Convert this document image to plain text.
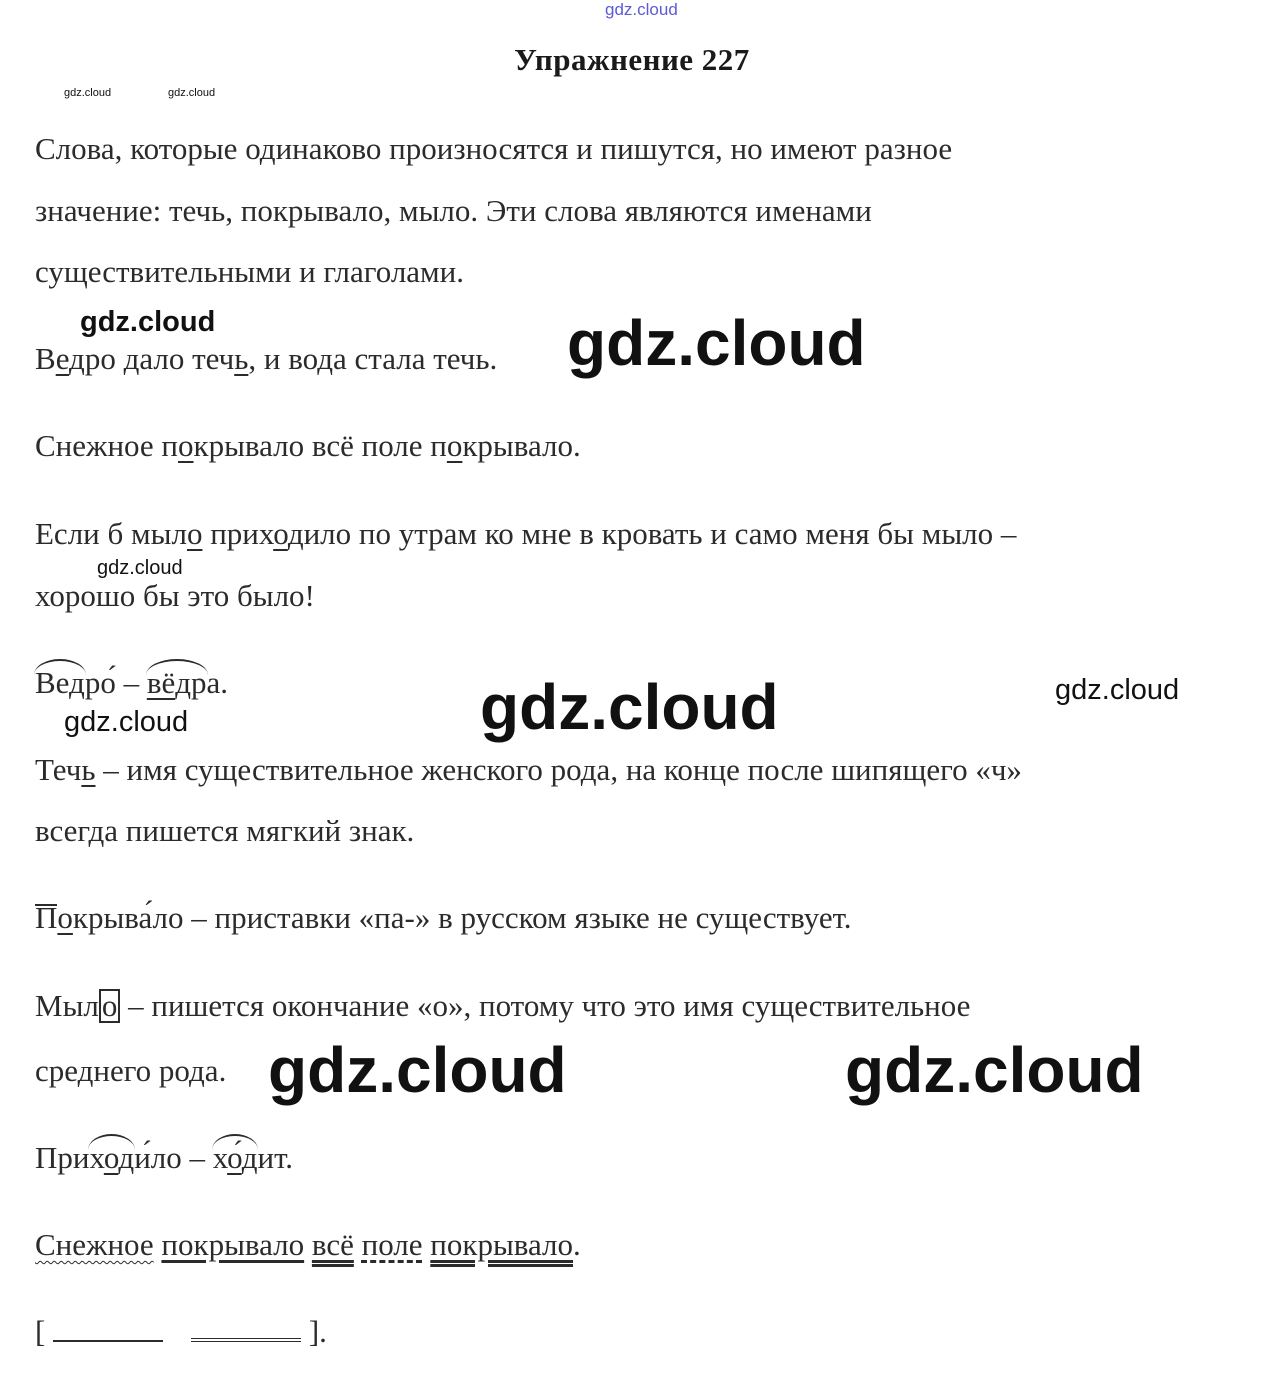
gdz.cloud
gdz.cloud	gdz.cloud
Упражнение 227
Слова, которые одинаково произносятся и пишутся, но имеют разное
значение: течь, покрывало, мыло. Эти слова являются именами
существительными и глаголами.
gdz.cloud
Ведро дало течь, и вода стала течь. gdz.cloud
Снежное покрывало всё поле покрывало.
Если б мыло приходило по утрам ко мне в кровать и само меня бы мыло –
gdz.cloud
хорошо бы это было!
Ведро́ – вёдра.	gdz.cloud	gdz.cloud
gdz.cloud
Течь – имя существительное женского рода, на конце после шипящего «ч»
всегда пишется мягкий знак.
Покрыва́ло – приставки «па-» в русском языке не существует.
Мыло – пишется окончание «о», потому что это имя существительное
среднего рода. gdz.cloud	gdz.cloud
Приходи́ло – хо́дит.
Снежное покрывало всё поле покрывало.
[	].
